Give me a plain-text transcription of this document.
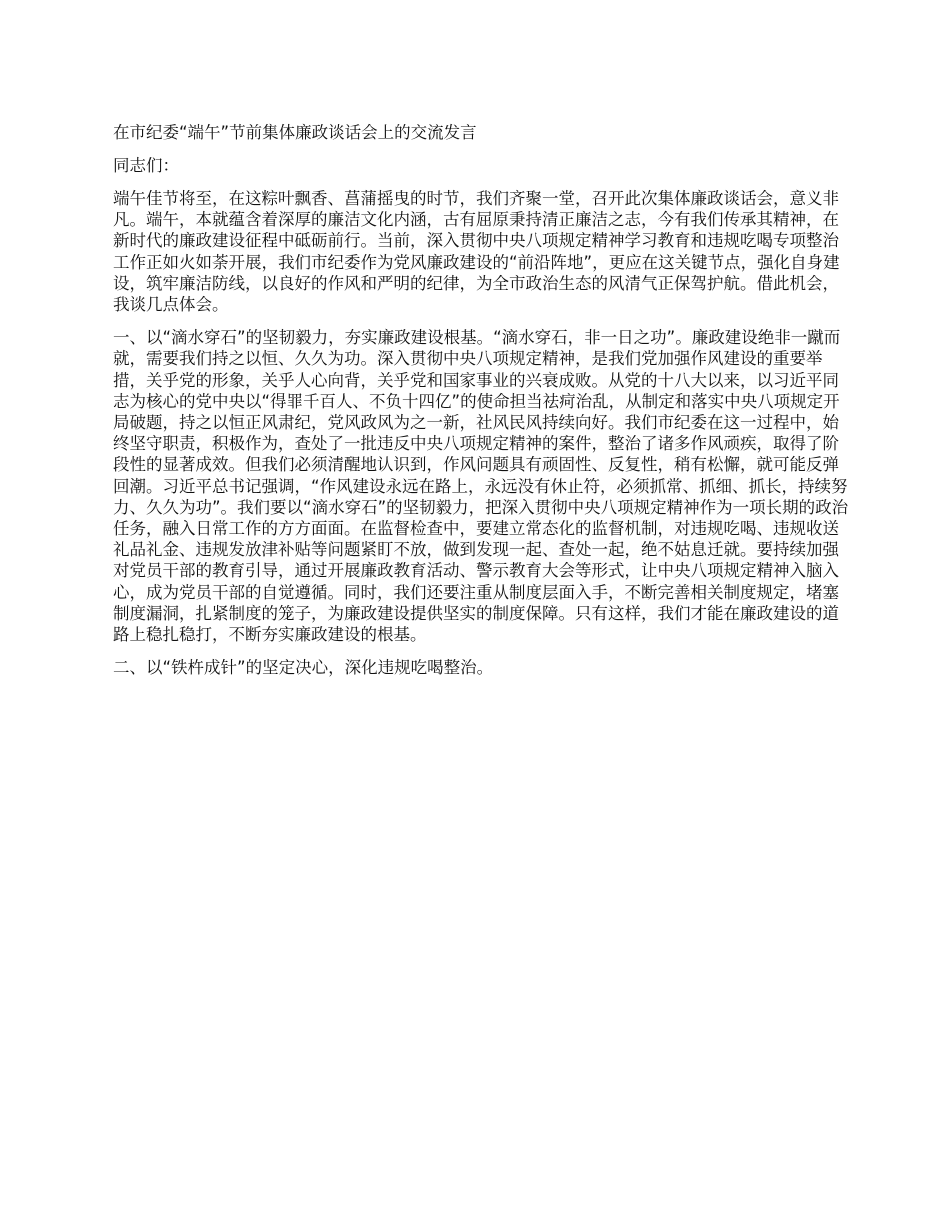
在市纪委“端午”节前集体廉政谈话会上的交流发言

同志们：

端午佳节将至，在这粽叶飘香、菖蒲摇曳的时节，我们齐聚一堂，召开此次集体廉政谈话会，意义非凡。端午，本就蕴含着深厚的廉洁文化内涵，古有屈原秉持清正廉洁之志，今有我们传承其精神，在新时代的廉政建设征程中砥砺前行。当前，深入贯彻中央八项规定精神学习教育和违规吃喝专项整治工作正如火如荼开展，我们市纪委作为党风廉政建设的“前沿阵地”，更应在这关键节点，强化自身建设，筑牢廉洁防线，以良好的作风和严明的纪律，为全市政治生态的风清气正保驾护航。借此机会，我谈几点体会。

一、以“滴水穿石”的坚韧毅力，夯实廉政建设根基。“滴水穿石，非一日之功”。廉政建设绝非一蹴而就，需要我们持之以恒、久久为功。深入贯彻中央八项规定精神，是我们党加强作风建设的重要举措，关乎党的形象，关乎人心向背，关乎党和国家事业的兴衰成败。从党的十八大以来，以习近平同志为核心的党中央以“得罪千百人、不负十四亿”的使命担当祛疴治乱，从制定和落实中央八项规定开局破题，持之以恒正风肃纪，党风政风为之一新，社风民风持续向好。我们市纪委在这一过程中，始终坚守职责，积极作为，查处了一批违反中央八项规定精神的案件，整治了诸多作风顽疾，取得了阶段性的显著成效。但我们必须清醒地认识到，作风问题具有顽固性、反复性，稍有松懈，就可能反弹回潮。习近平总书记强调，“作风建设永远在路上，永远没有休止符，必须抓常、抓细、抓长，持续努力、久久为功”。我们要以“滴水穿石”的坚韧毅力，把深入贯彻中央八项规定精神作为一项长期的政治任务，融入日常工作的方方面面。在监督检查中，要建立常态化的监督机制，对违规吃喝、违规收送礼品礼金、违规发放津补贴等问题紧盯不放，做到发现一起、查处一起，绝不姑息迁就。要持续加强对党员干部的教育引导，通过开展廉政教育活动、警示教育大会等形式，让中央八项规定精神入脑入心，成为党员干部的自觉遵循。同时，我们还要注重从制度层面入手，不断完善相关制度规定，堵塞制度漏洞，扎紧制度的笼子，为廉政建设提供坚实的制度保障。只有这样，我们才能在廉政建设的道路上稳扎稳打，不断夯实廉政建设的根基。

二、以“铁杵成针”的坚定决心，深化违规吃喝整治。
